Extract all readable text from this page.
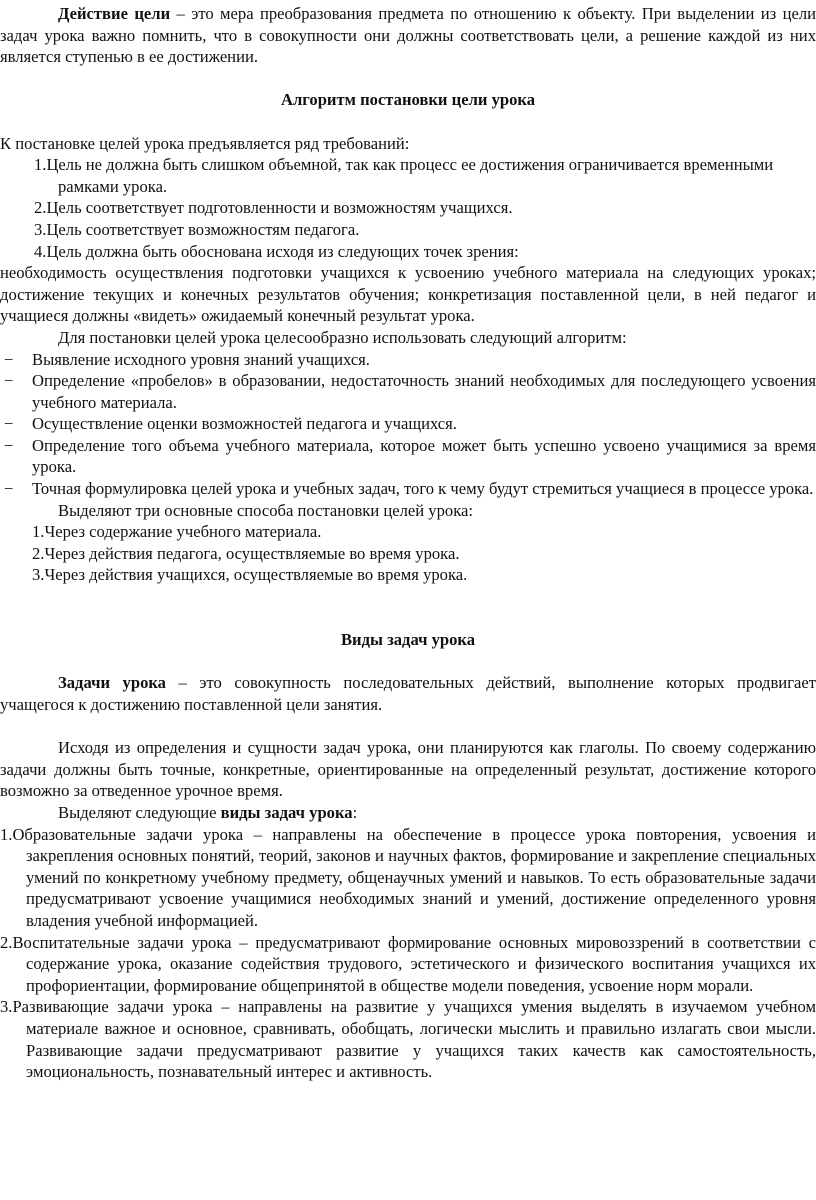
Действие цели – это мера преобразования предмета по отношению к объекту. При выделении из цели задач урока важно помнить, что в совокупности они должны соответствовать цели, а решение каждой из них является ступенью в ее достижении.

Алгоритм постановки цели урока

К постановке целей урока предъявляется ряд требований:

1.Цель не должна быть слишком объемной, так как процесс ее достижения ограничивается временными рамками урока.

2.Цель соответствует подготовленности и возможностям учащихся.

3.Цель соответствует возможностям педагога.

4.Цель должна быть обоснована исходя из следующих точек зрения:

необходимость осуществления подготовки учащихся к усвоению учебного материала на следующих уроках; достижение текущих и конечных результатов обучения; конкретизация поставленной цели, в ней педагог и учащиеся должны «видеть» ожидаемый конечный результат урока.

Для постановки целей урока целесообразно использовать следующий алгоритм:

− Выявление исходного уровня знаний учащихся.

− Определение «пробелов» в образовании, недостаточность знаний необходимых для последующего усвоения учебного материала.

− Осуществление оценки возможностей педагога и учащихся.

− Определение того объема учебного материала, которое может быть успешно усвоено учащимися за время урока.

− Точная формулировка целей урока и учебных задач, того к чему будут стремиться учащиеся в процессе урока.

Выделяют три основные способа постановки целей урока:

1.Через содержание учебного материала.

2.Через действия педагога, осуществляемые во время урока.

3.Через действия учащихся, осуществляемые во время урока.

Виды задач урока

Задачи урока – это совокупность последовательных действий, выполнение которых продвигает учащегося к достижению поставленной цели занятия.

Исходя из определения и сущности задач урока, они планируются как глаголы. По своему содержанию задачи должны быть точные, конкретные, ориентированные на определенный результат, достижение которого возможно за отведенное урочное время.

Выделяют следующие виды задач урока:

1.Образовательные задачи урока – направлены на обеспечение в процессе урока повторения, усвоения и закрепления основных понятий, теорий, законов и научных фактов, формирование и закрепление специальных умений по конкретному учебному предмету, общенаучных умений и навыков. То есть образовательные задачи предусматривают усвоение учащимися необходимых знаний и умений, достижение определенного уровня владения учебной информацией.

2.Воспитательные задачи урока – предусматривают формирование основных мировоззрений в соответствии с содержание урока, оказание содействия трудового, эстетического и физического воспитания учащихся их профориентации, формирование общепринятой в обществе модели поведения, усвоение норм морали.

3.Развивающие задачи урока – направлены на развитие у учащихся умения выделять в изучаемом учебном материале важное и основное, сравнивать, обобщать, логически мыслить и правильно излагать свои мысли. Развивающие задачи предусматривают развитие у учащихся таких качеств как самостоятельность, эмоциональность, познавательный интерес и активность.
